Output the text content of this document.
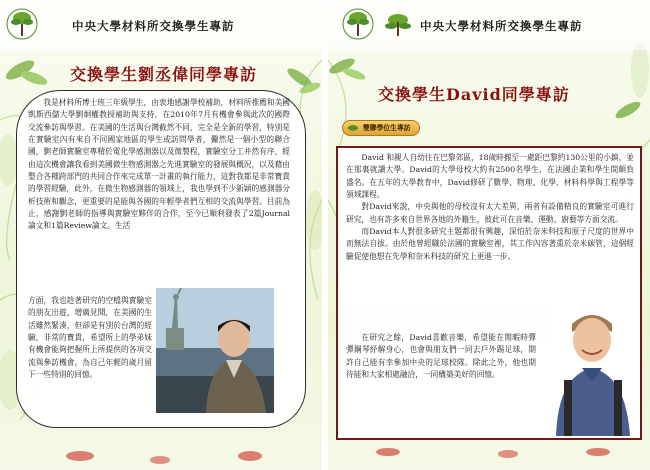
中央大學材料所交換學生專訪
交換學生劉丞偉同學專訪

我是材料所博士班三年級學生，由衷地感謝學校補助，材料所推薦和美國凱斯西儲大學劉炯權教授補助與支持，在2010年7月有機會參與此次的國際交流參訪與學習。在美國的生活與台灣截然不同，完全是全新的學習，特別是在實驗室內有來自不同國家地區的學生或訪問學者，儼然是一個小型的聯合國，劉老師實驗室專精於電化學感測器以及微製程，實驗室分工井然有序，經由這次機會讓我看到美國微生物感測器之先進實驗室的發展與概況，以及藉由整合各種跨部門的共同合作來完成單一計畫的執行能力，這對我都是非常寶貴的學習經驗，此外，在微生物感測器的領域上，我也學到不少新穎的感測器分析技術和觀念，更重要的是能與各國的年輕學者們互相的交流與學習。目前為止，感謝劉老師的指導與實驗室夥伴的合作，至今已順利發表了2篇Journal論文和1篇Review論文。生活

方面，我也趁著研究的空檔與實驗室的朋友出遊，增廣見聞，在美國的生活雖然緊湊，但卻是有別於台灣的經驗，非常的寶貴，希望所上的學弟妹有機會能夠把握所上所提供的各項交流與參訪機會，為自己年輕的歲月留下一些特別的回憶。
中央大學材料所交換學生專訪
交換學生David同學專訪
雙聯學位生專訪

David 和親人自幼住在巴黎郊區，18歲時搬至一處距巴黎約130公里的小鎮，並在那裏就讀大學。David的大學母校大約有2500名學生，在法國企業和學生間頗負盛名。在五年的大學教育中，David修研了數學、物理、化學、材料科學與工程學等領域課程。

對David來說，中央與他的母校沒有太大差異，兩者有設備精良的實驗室可進行研究，也有許多來自世界各地的外籍生，彼此可在音樂、運動、廚藝等方面交流。

而David本人對很多研究主題都很有興趣，深怕於奈米科技和原子尺度的世界中而無法自拔。由於他曾經職於法國的實驗室裡，其工作內容著重於奈米碳管，這個經驗促使他想在先學和奈米科技的研究上更進一步。

在研究之餘，David喜歡音樂，希望能在閒暇時彈彈鋼琴紓解身心，也會與朋友們一同去戶外踢足球，期許自己能有幸參加中央的足球校隊。除此之外，他也期待能和大家相處融洽，一同構築美好的回憶。
